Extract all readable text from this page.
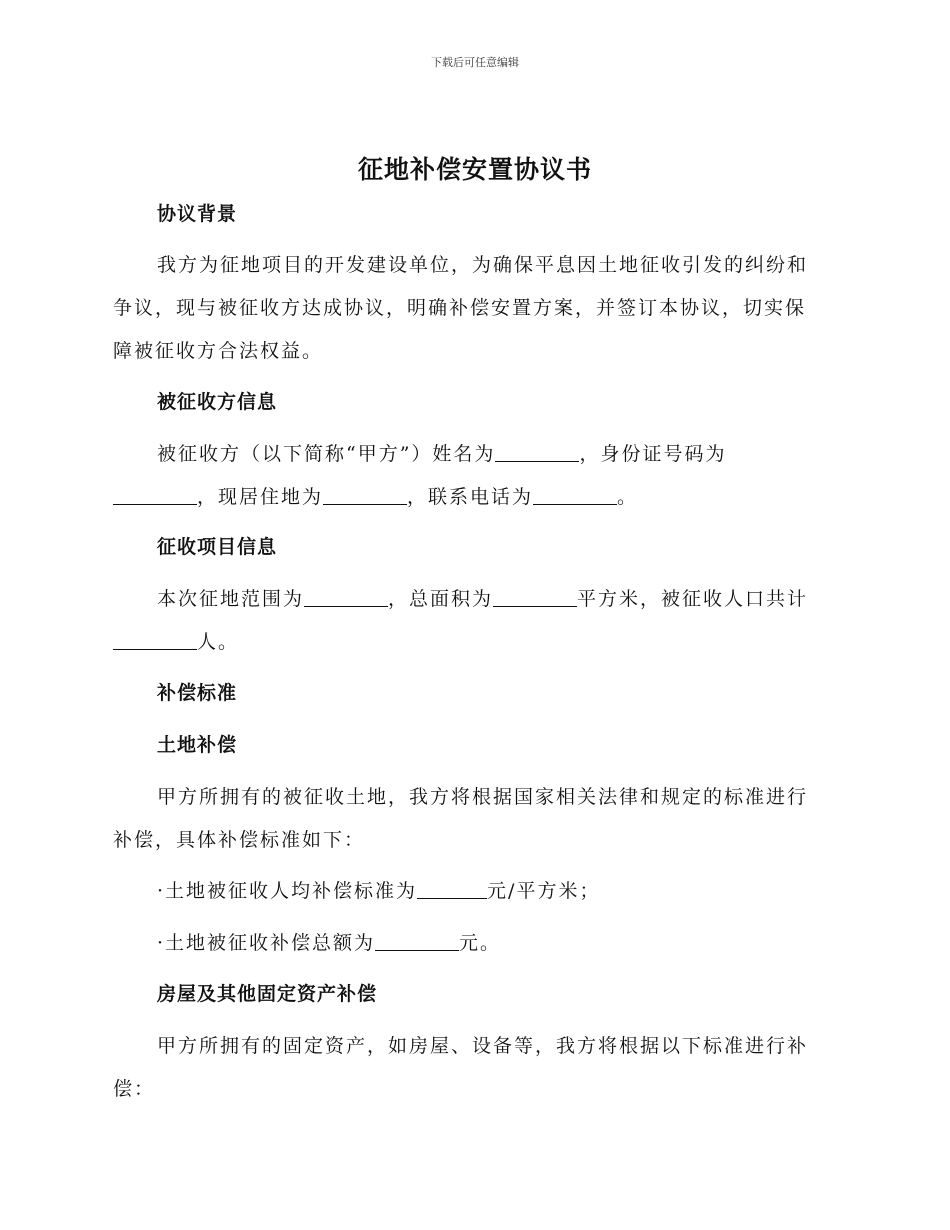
下载后可任意编辑
征地补偿安置协议书
协议背景
我方为征地项目的开发建设单位，为确保平息因土地征收引发的纠纷和
争议，现与被征收方达成协议，明确补偿安置方案，并签订本协议，切实保
障被征收方合法权益。
被征收方信息
被征收方（以下简称“甲方”）姓名为	，身份证号码为
，现居住地为	，联系电话为	。
征收项目信息
本次征地范围为	，总面积为	平方米，被征收人口共计
人。
补偿标准
土地补偿
甲方所拥有的被征收土地，我方将根据国家相关法律和规定的标准进行
补偿，具体补偿标准如下：
·土地被征收人均补偿标准为	元/平方米；
·土地被征收补偿总额为	元。
房屋及其他固定资产补偿
甲方所拥有的固定资产，如房屋、设备等，我方将根据以下标准进行补
偿：
